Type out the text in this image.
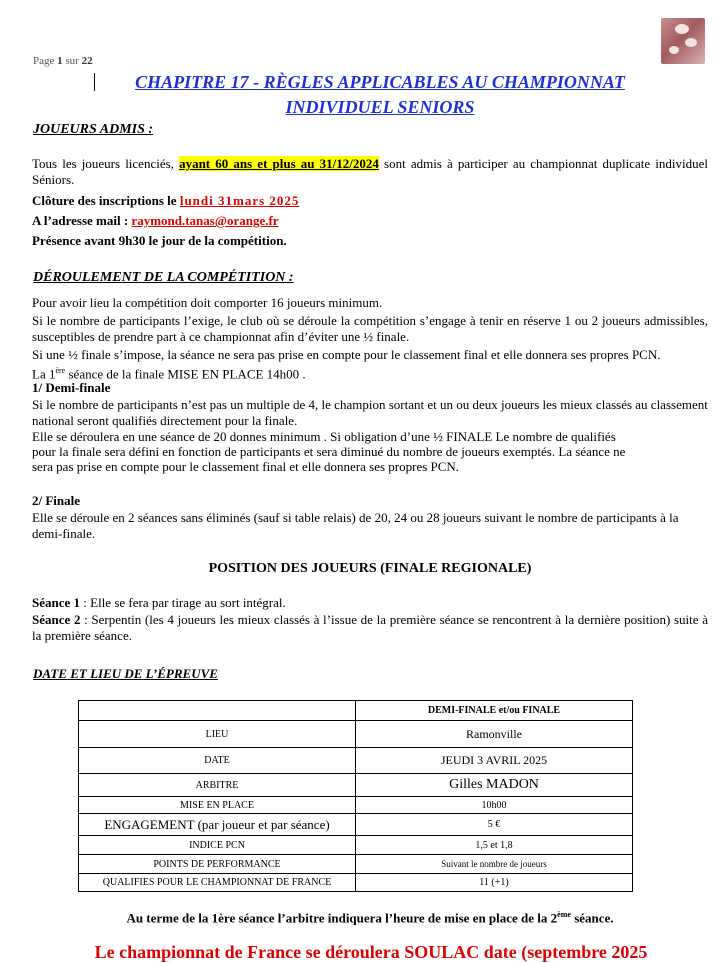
Page 1 sur 22
CHAPITRE 17 - RÈGLES APPLICABLES AU CHAMPIONNAT
INDIVIDUEL SENIORS
JOUEURS ADMIS :
Tous les joueurs licenciés, ayant 60 ans et plus au 31/12/2024 sont admis à participer au championnat duplicate individuel Séniors.
Clôture des inscriptions le lundi 31mars 2025
A l’adresse mail : raymond.tanas@orange.fr
Présence avant 9h30 le jour de la compétition.
DÉROULEMENT DE LA COMPÉTITION :
Pour avoir lieu la compétition doit comporter 16 joueurs minimum.
Si le nombre de participants l’exige, le club où se déroule la compétition s’engage à tenir en réserve 1 ou 2 joueurs admissibles, susceptibles de prendre part à ce championnat afin d’éviter une ½ finale.
Si une ½ finale s’impose, la séance ne sera pas prise en compte pour le classement final et elle donnera ses propres PCN.
La 1ère séance de la finale MISE EN PLACE 14h00 .
1/ Demi-finale
Si le nombre de participants n’est pas un multiple de 4, le champion sortant et un ou deux joueurs les mieux classés au classement national seront qualifiés directement pour la finale.
Elle se déroulera en une séance de 20 donnes minimum . Si obligation d’une ½ FINALE Le nombre de qualifiés
pour la finale sera défini en fonction de participants et sera diminué du nombre de joueurs exemptés. La séance ne
sera pas prise en compte pour le classement final et elle donnera ses propres PCN.
2/ Finale
Elle se déroule en 2 séances sans éliminés (sauf si table relais) de 20, 24 ou 28 joueurs suivant le nombre de participants à la demi-finale.
POSITION DES JOUEURS (FINALE REGIONALE)
Séance 1 : Elle se fera par tirage au sort intégral.
Séance 2 : Serpentin (les 4 joueurs les mieux classés à l’issue de la première séance se rencontrent à la dernière position) suite à la première séance.
DATE ET LIEU DE L’ÉPREUVE
	DEMI-FINALE et/ou FINALE
LIEU	Ramonville
DATE	JEUDI 3 AVRIL 2025
ARBITRE	Gilles MADON
MISE EN PLACE	10h00
ENGAGEMENT (par joueur et par séance)	5 €
INDICE PCN	1,5 et 1,8
POINTS DE PERFORMANCE	Suivant le nombre de joueurs
QUALIFIES POUR LE CHAMPIONNAT DE FRANCE	11 (+1)
Au terme de la 1ère séance l’arbitre indiquera l’heure de mise en place de la 2ème séance.
Le championnat de France se déroulera SOULAC date (septembre 2025
